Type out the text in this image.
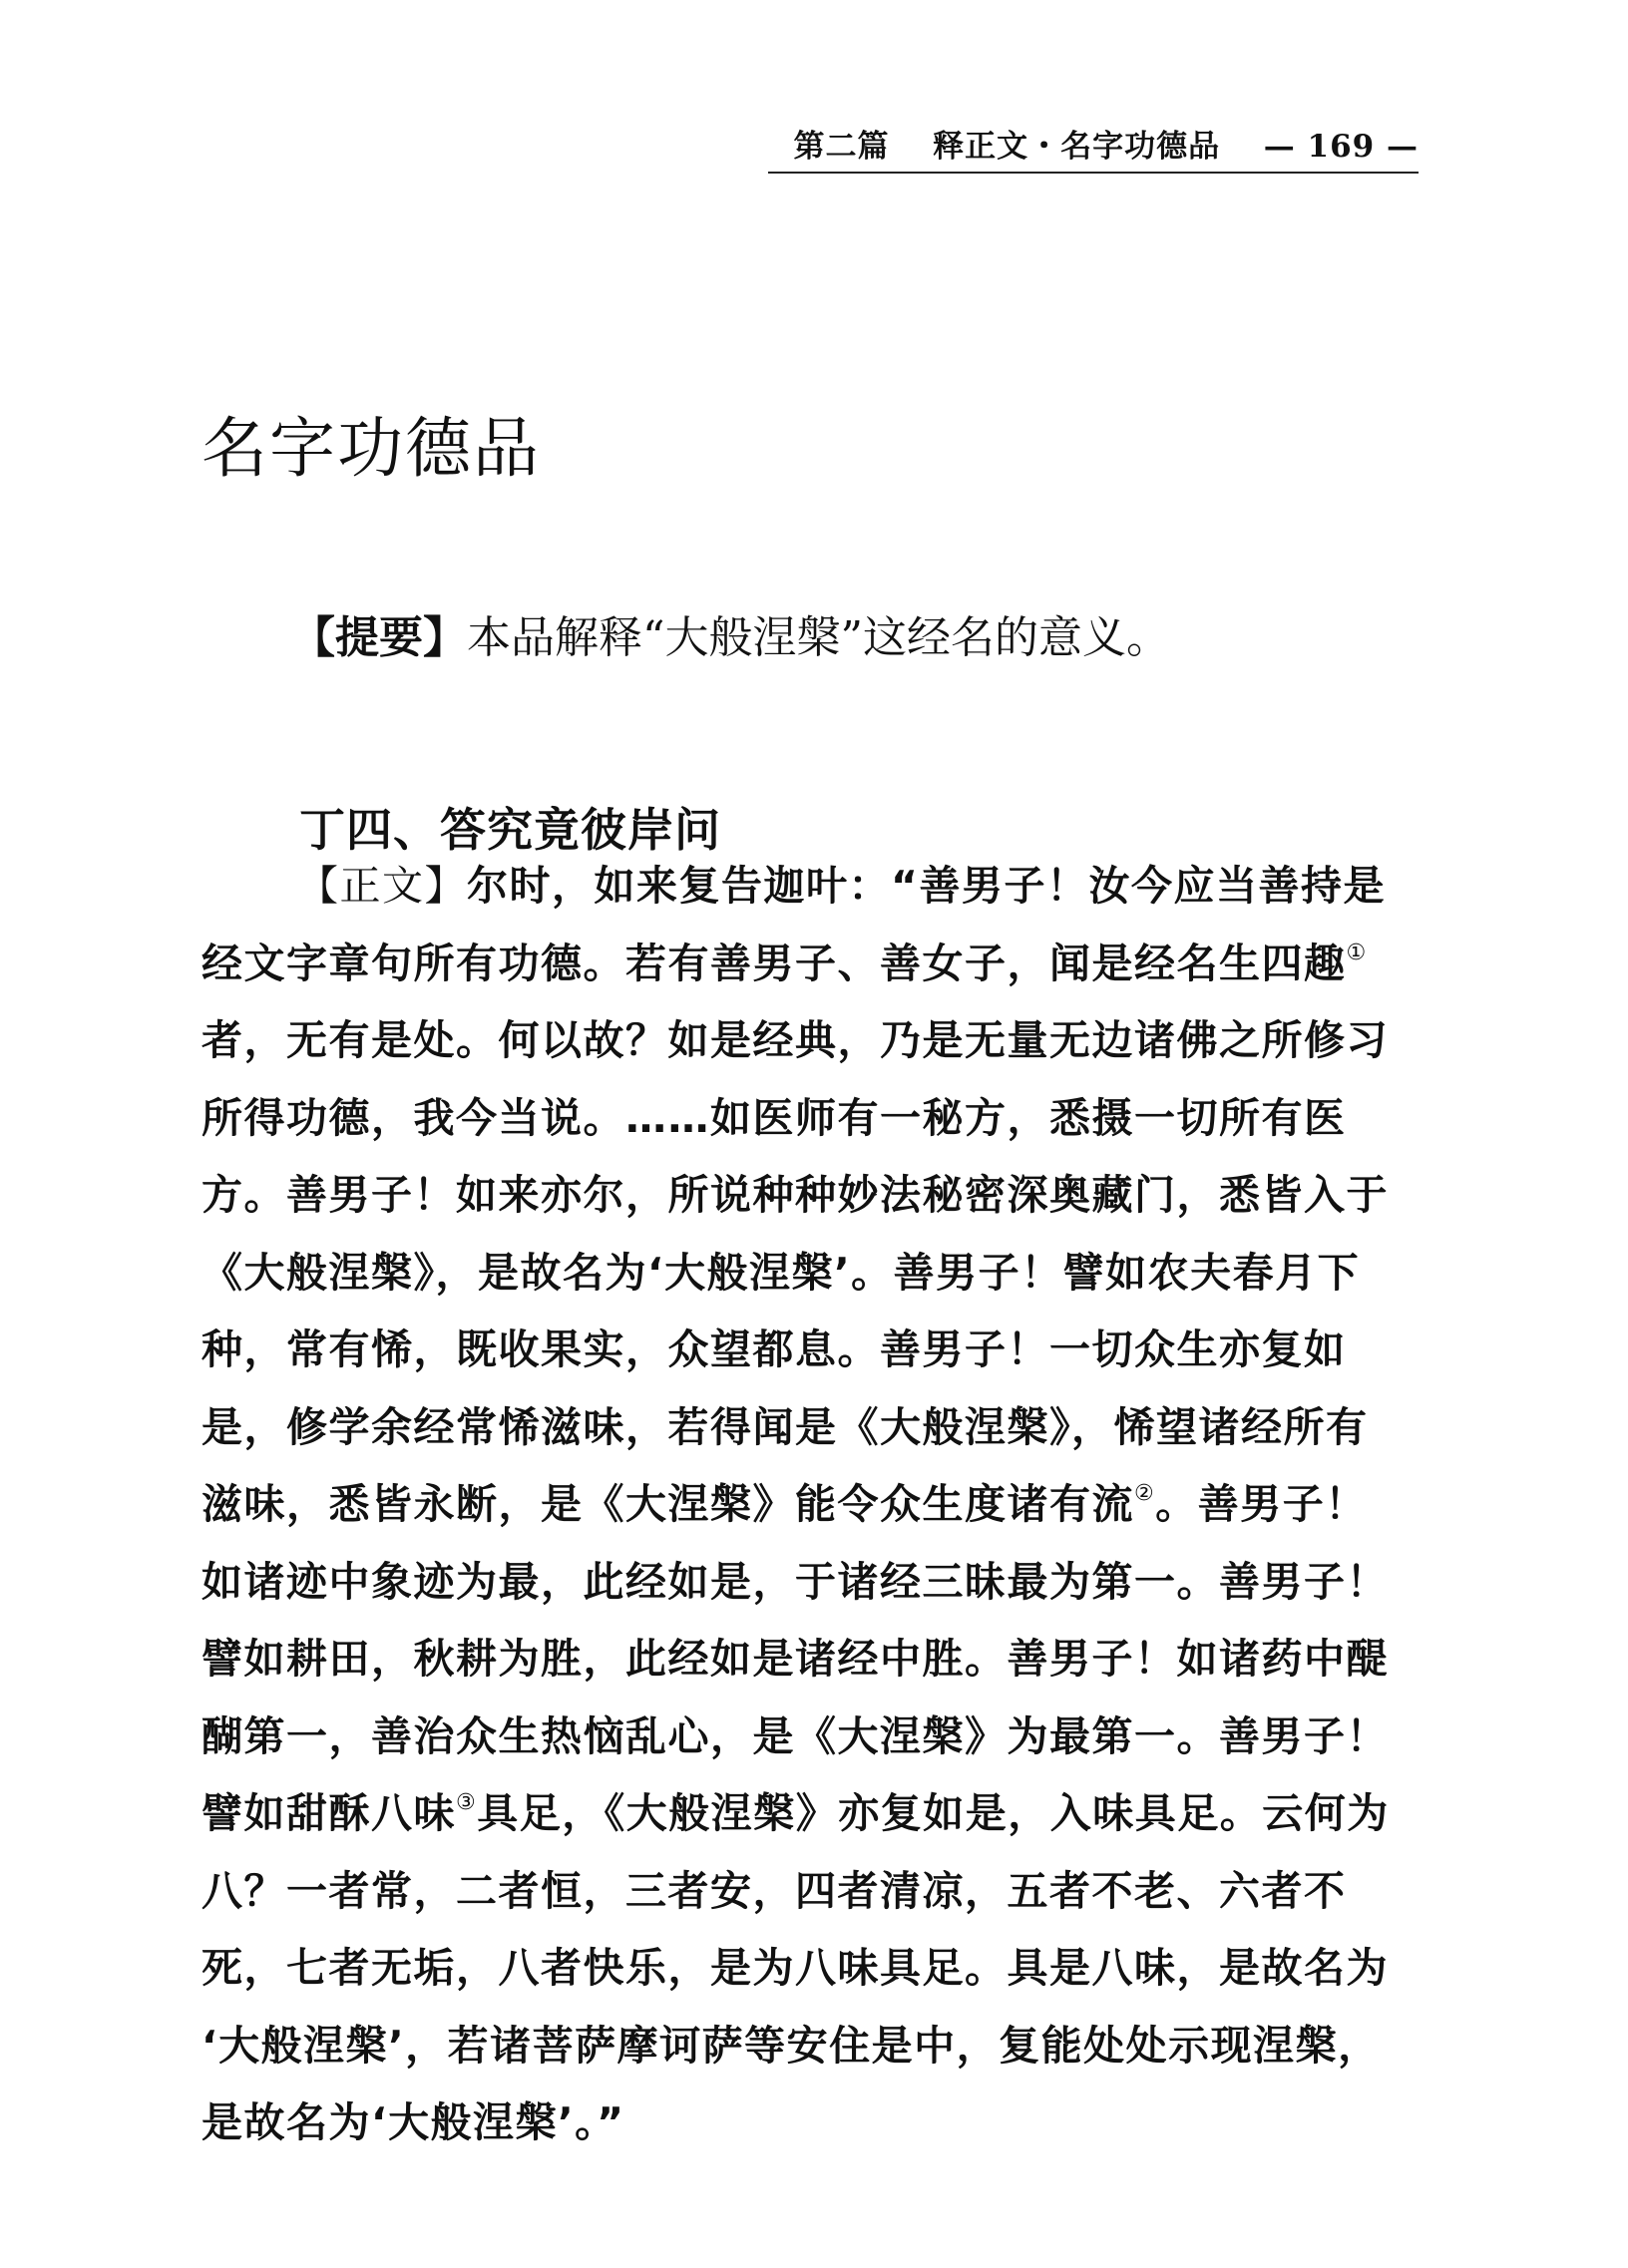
第二篇 释正文・名字功德品 — 169 —
名字功德品
【提要】本品解释“大般涅槃”这经名的意义。
丁四、答究竟彼岸问
【正文】尔时，如来复告迦叶：“善男子！汝今应当善持是
经文字章句所有功德。若有善男子、善女子，闻是经名生四趣①
者，无有是处。何以故？如是经典，乃是无量无边诸佛之所修习
所得功德，我今当说。……如医师有一秘方，悉摄一切所有医
方。善男子！如来亦尔，所说种种妙法秘密深奥藏门，悉皆入于
《大般涅槃》，是故名为‘大般涅槃’。善男子！譬如农夫春月下
种，常有悕，既收果实，众望都息。善男子！一切众生亦复如
是，修学余经常悕滋味，若得闻是《大般涅槃》，悕望诸经所有
滋味，悉皆永断，是《大涅槃》能令众生度诸有流②。善男子！
如诸迹中象迹为最，此经如是，于诸经三昧最为第一。善男子！
譬如耕田，秋耕为胜，此经如是诸经中胜。善男子！如诸药中醍
醐第一，善治众生热恼乱心，是《大涅槃》为最第一。善男子！
譬如甜酥八味③具足，《大般涅槃》亦复如是，入味具足。云何为
八？一者常，二者恒，三者安，四者清凉，五者不老、六者不
死，七者无垢，八者快乐，是为八味具足。具是八味，是故名为
‘大般涅槃’，若诸菩萨摩诃萨等安住是中，复能处处示现涅槃，
是故名为‘大般涅槃’。”
